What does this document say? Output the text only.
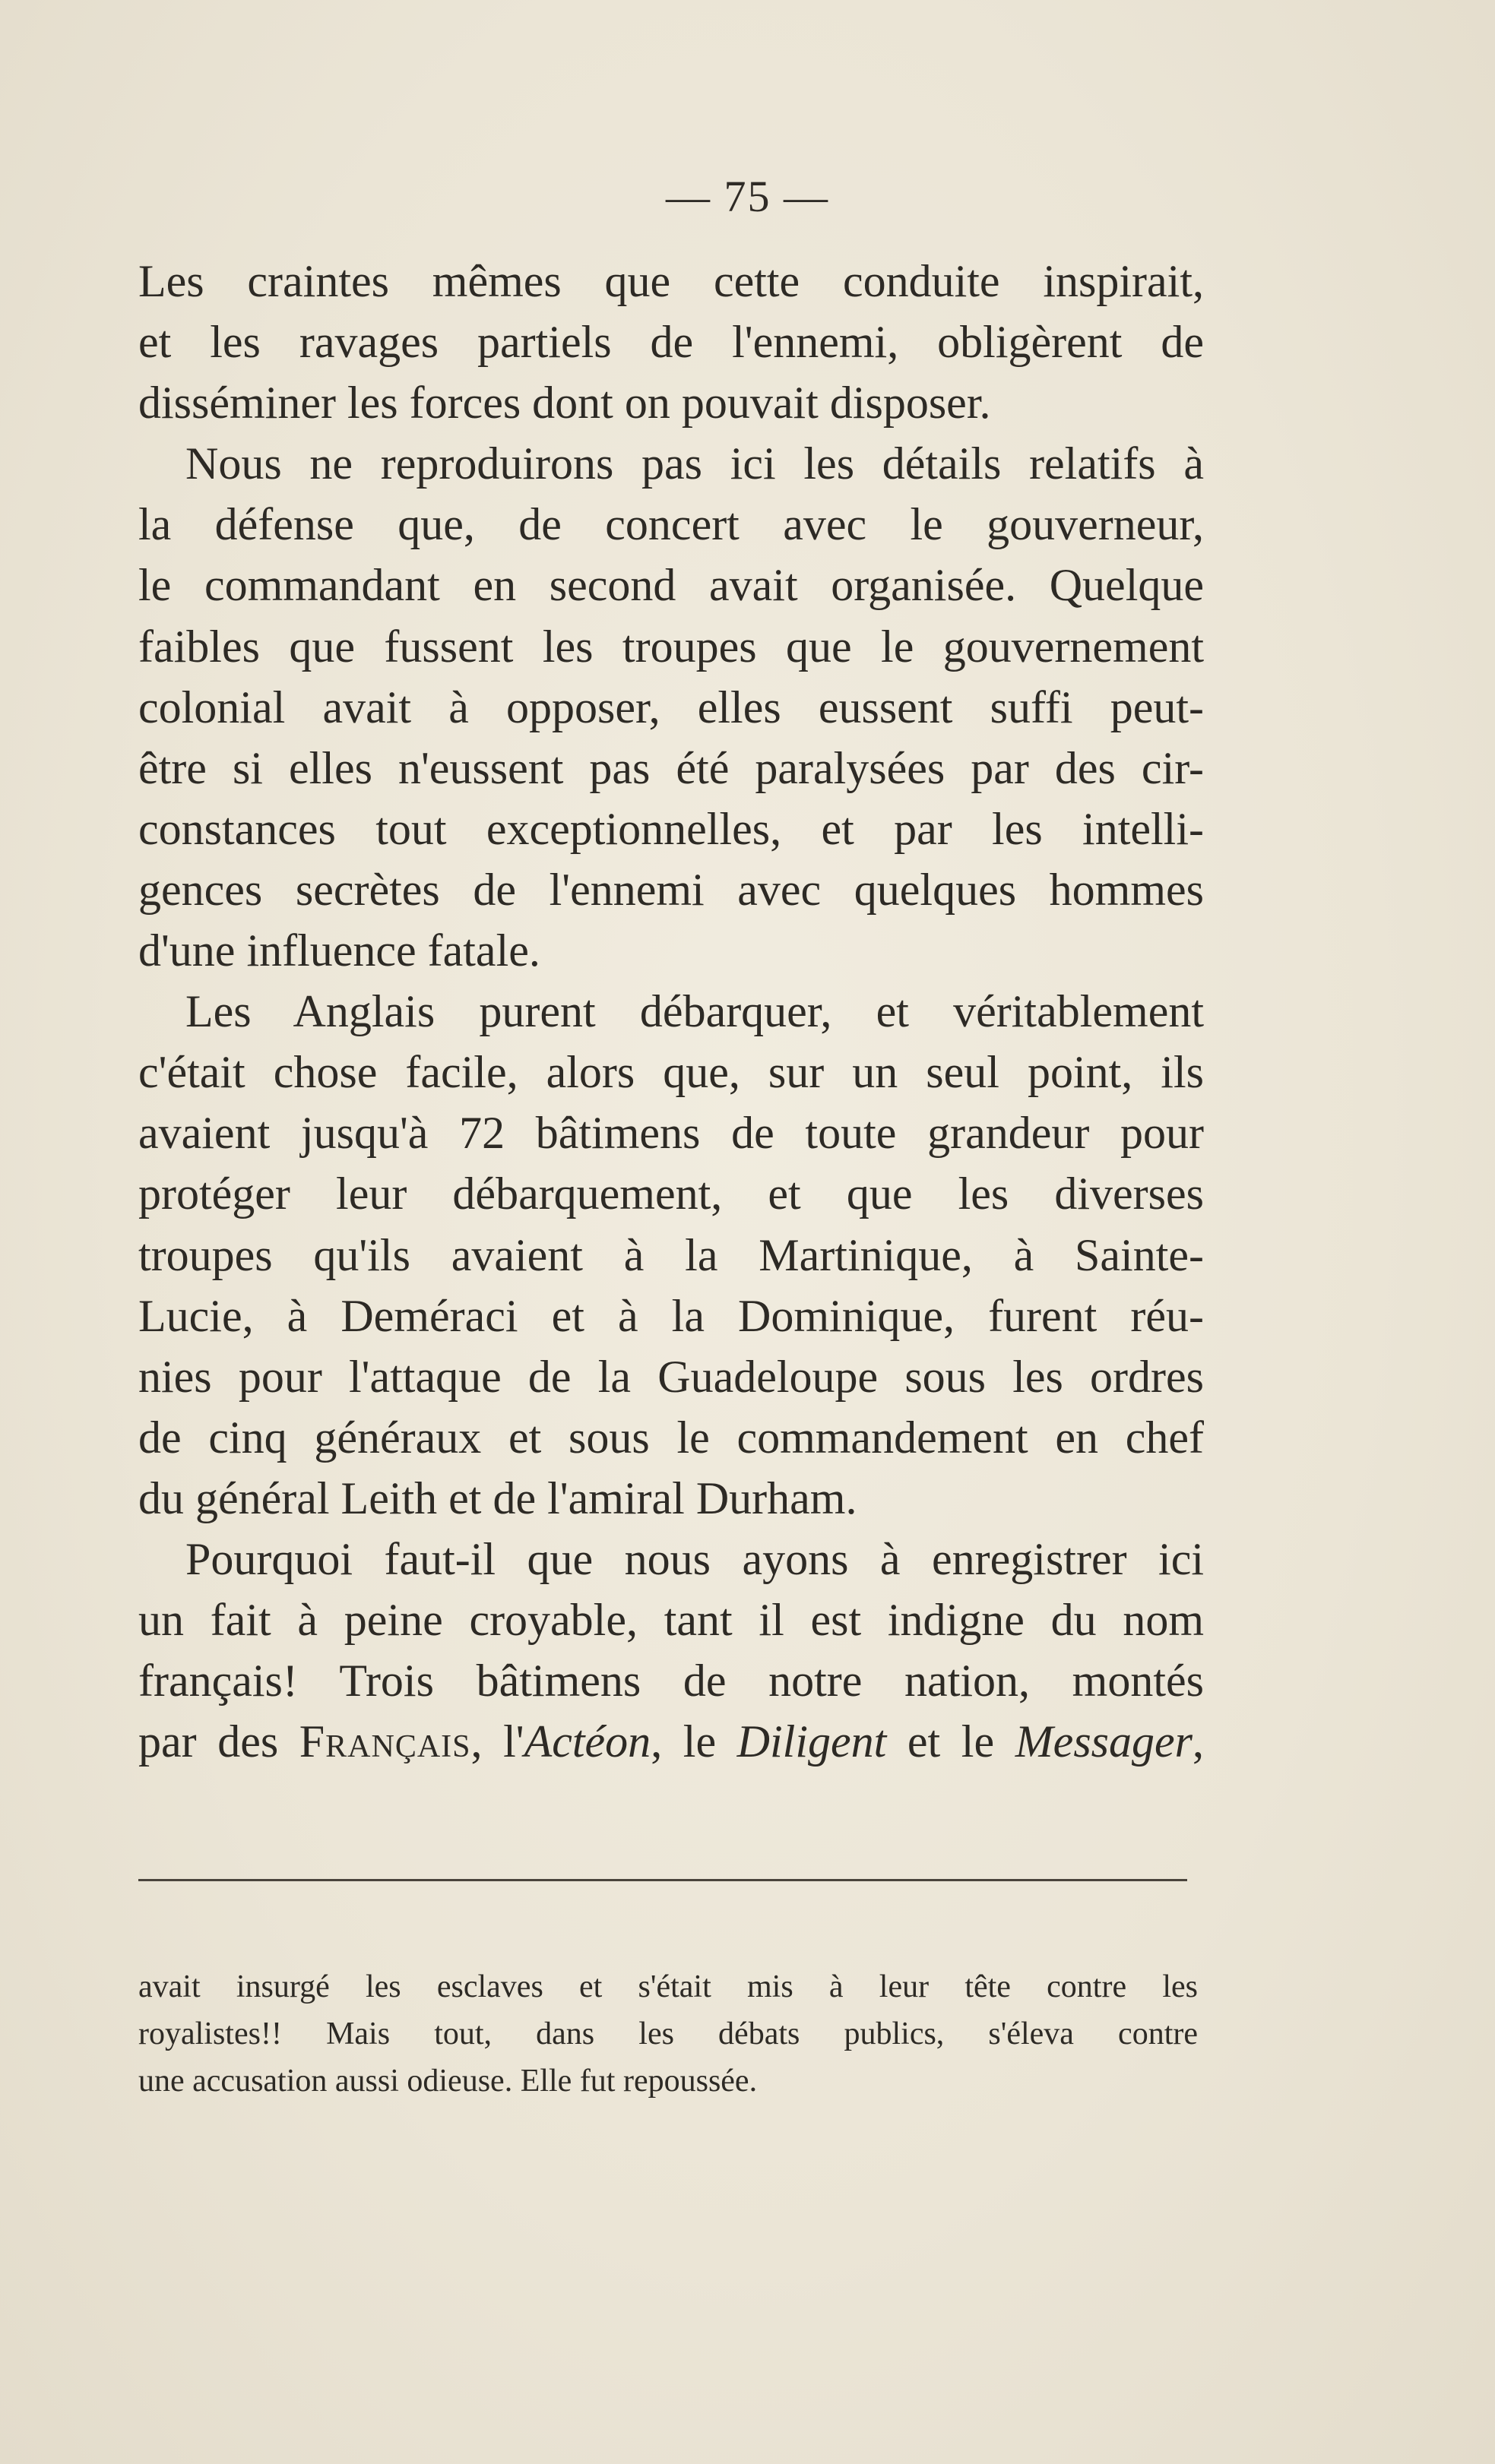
— 75 —
Les craintes mêmes que cette conduite inspirait,
et les ravages partiels de l'ennemi, obligèrent de
disséminer les forces dont on pouvait disposer.
Nous ne reproduirons pas ici les détails relatifs à
la défense que, de concert avec le gouverneur,
le commandant en second avait organisée. Quelque
faibles que fussent les troupes que le gouvernement
colonial avait à opposer, elles eussent suffi peut-
être si elles n'eussent pas été paralysées par des cir-
constances tout exceptionnelles, et par les intelli-
gences secrètes de l'ennemi avec quelques hommes
d'une influence fatale.
Les Anglais purent débarquer, et véritablement
c'était chose facile, alors que, sur un seul point, ils
avaient jusqu'à 72 bâtimens de toute grandeur pour
protéger leur débarquement, et que les diverses
troupes qu'ils avaient à la Martinique, à Sainte-
Lucie, à Deméraci et à la Dominique, furent réu-
nies pour l'attaque de la Guadeloupe sous les ordres
de cinq généraux et sous le commandement en chef
du général Leith et de l'amiral Durham.
Pourquoi faut-il que nous ayons à enregistrer ici
un fait à peine croyable, tant il est indigne du nom
français! Trois bâtimens de notre nation, montés
par des Français, l'Actéon, le Diligent et le Messager,
avait insurgé les esclaves et s'était mis à leur tête contre les
royalistes!! Mais tout, dans les débats publics, s'éleva contre
une accusation aussi odieuse. Elle fut repoussée.
